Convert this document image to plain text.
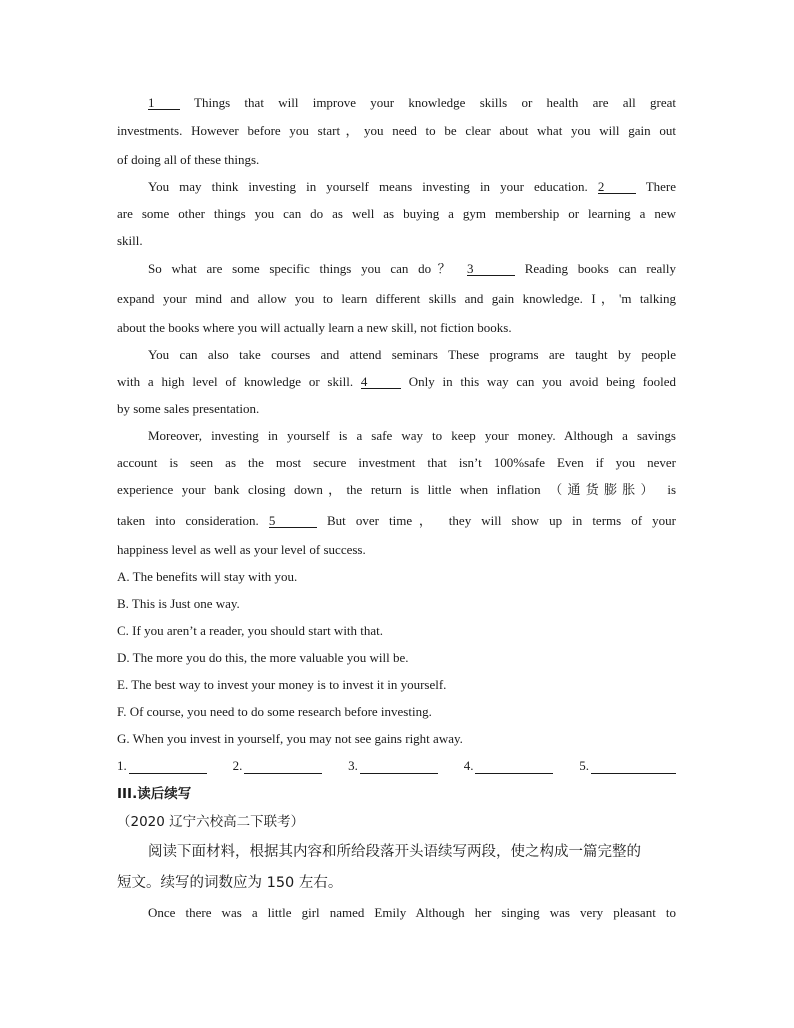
1	Things that will improve your knowledge skills or health are all great
investments. However before you start，you need to be clear about what you will gain out
of doing all of these things.
You may think investing in yourself means investing in your education. 2	There
are some other things you can do as well as buying a gym membership or learning a new
skill.
So what are some specific things you can do？ 3	Reading books can really
expand your mind and allow you to learn different skills and gain knowledge. I，'m talking
about the books where you will actually learn a new skill, not fiction books.
You can also take courses and attend seminars These programs are taught by people
with a high level of knowledge or skill. 4	Only in this way can you avoid being fooled
by some sales presentation.
Moreover, investing in yourself is a safe way to keep your money. Although a savings
account is seen as the most secure investment that isn’t 100%safe Even if you never
experience your bank closing down，the return is little when inflation （通货膨胀） is
taken into consideration. 5	But over time， they will show up in terms of your
happiness level as well as your level of success.
A. The benefits will stay with you.
B. This is Just one way.
C. If you aren’t a reader, you should start with that.
D. The more you do this, the more valuable you will be.
E. The best way to invest your money is to invest it in yourself.
F. Of course, you need to do some research before investing.
G. When you invest in yourself, you may not see gains right away.
1.	2.	3.	4.	5.
III.读后续写
（2020 辽宁六校高二下联考）
阅读下面材料，根据其内容和所给段落开头语续写两段，使之构成一篇完整的
短文。续写的词数应为 150 左右。
Once there was a little girl named Emily Although her singing was very pleasant to
